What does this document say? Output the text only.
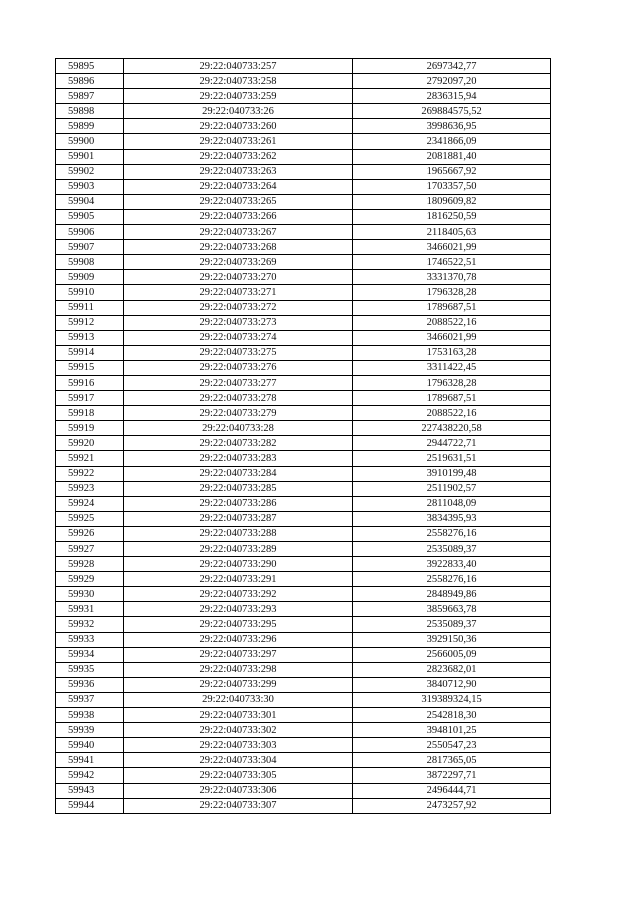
59895	29:22:040733:257	2697342,77
59896	29:22:040733:258	2792097,20
59897	29:22:040733:259	2836315,94
59898	29:22:040733:26	269884575,52
59899	29:22:040733:260	3998636,95
59900	29:22:040733:261	2341866,09
59901	29:22:040733:262	2081881,40
59902	29:22:040733:263	1965667,92
59903	29:22:040733:264	1703357,50
59904	29:22:040733:265	1809609,82
59905	29:22:040733:266	1816250,59
59906	29:22:040733:267	2118405,63
59907	29:22:040733:268	3466021,99
59908	29:22:040733:269	1746522,51
59909	29:22:040733:270	3331370,78
59910	29:22:040733:271	1796328,28
59911	29:22:040733:272	1789687,51
59912	29:22:040733:273	2088522,16
59913	29:22:040733:274	3466021,99
59914	29:22:040733:275	1753163,28
59915	29:22:040733:276	3311422,45
59916	29:22:040733:277	1796328,28
59917	29:22:040733:278	1789687,51
59918	29:22:040733:279	2088522,16
59919	29:22:040733:28	227438220,58
59920	29:22:040733:282	2944722,71
59921	29:22:040733:283	2519631,51
59922	29:22:040733:284	3910199,48
59923	29:22:040733:285	2511902,57
59924	29:22:040733:286	2811048,09
59925	29:22:040733:287	3834395,93
59926	29:22:040733:288	2558276,16
59927	29:22:040733:289	2535089,37
59928	29:22:040733:290	3922833,40
59929	29:22:040733:291	2558276,16
59930	29:22:040733:292	2848949,86
59931	29:22:040733:293	3859663,78
59932	29:22:040733:295	2535089,37
59933	29:22:040733:296	3929150,36
59934	29:22:040733:297	2566005,09
59935	29:22:040733:298	2823682,01
59936	29:22:040733:299	3840712,90
59937	29:22:040733:30	319389324,15
59938	29:22:040733:301	2542818,30
59939	29:22:040733:302	3948101,25
59940	29:22:040733:303	2550547,23
59941	29:22:040733:304	2817365,05
59942	29:22:040733:305	3872297,71
59943	29:22:040733:306	2496444,71
59944	29:22:040733:307	2473257,92
